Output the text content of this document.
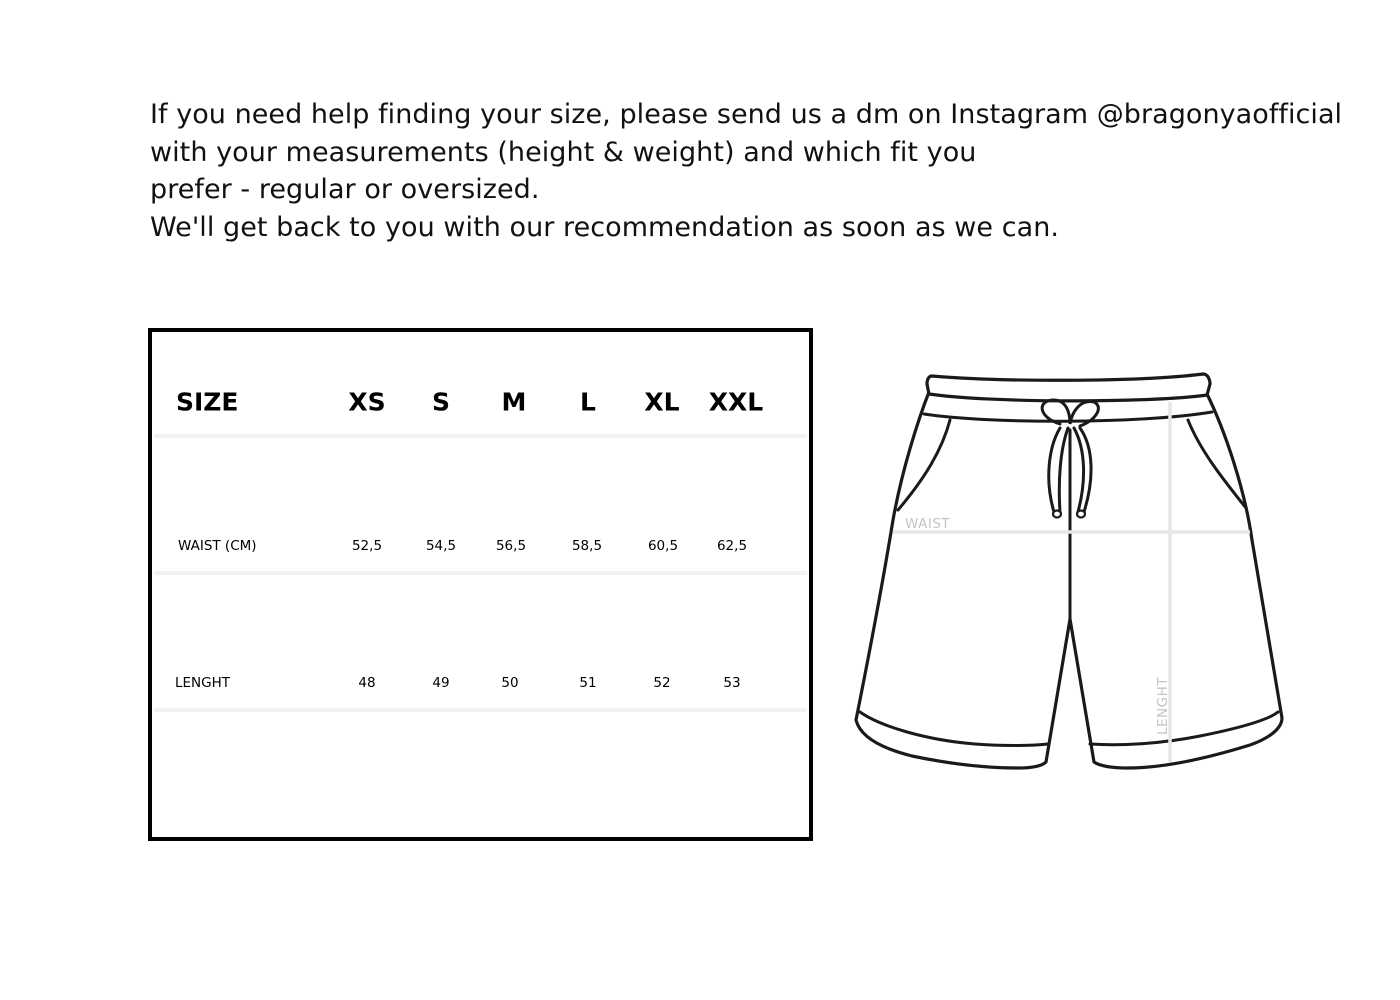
If you need help finding your size, please send us a dm on Instagram @bragonyaofficial
with your measurements (height & weight) and which fit you
prefer - regular or oversized.
We'll get back to you with our recommendation as soon as we can.
SIZE	XS S M L XL XXL
WAIST (CM)	52,5	54,5	56,5	58,5	60,5	62,5
LENGHT	48	49	50	51	52	53
WAIST
LENGHT
